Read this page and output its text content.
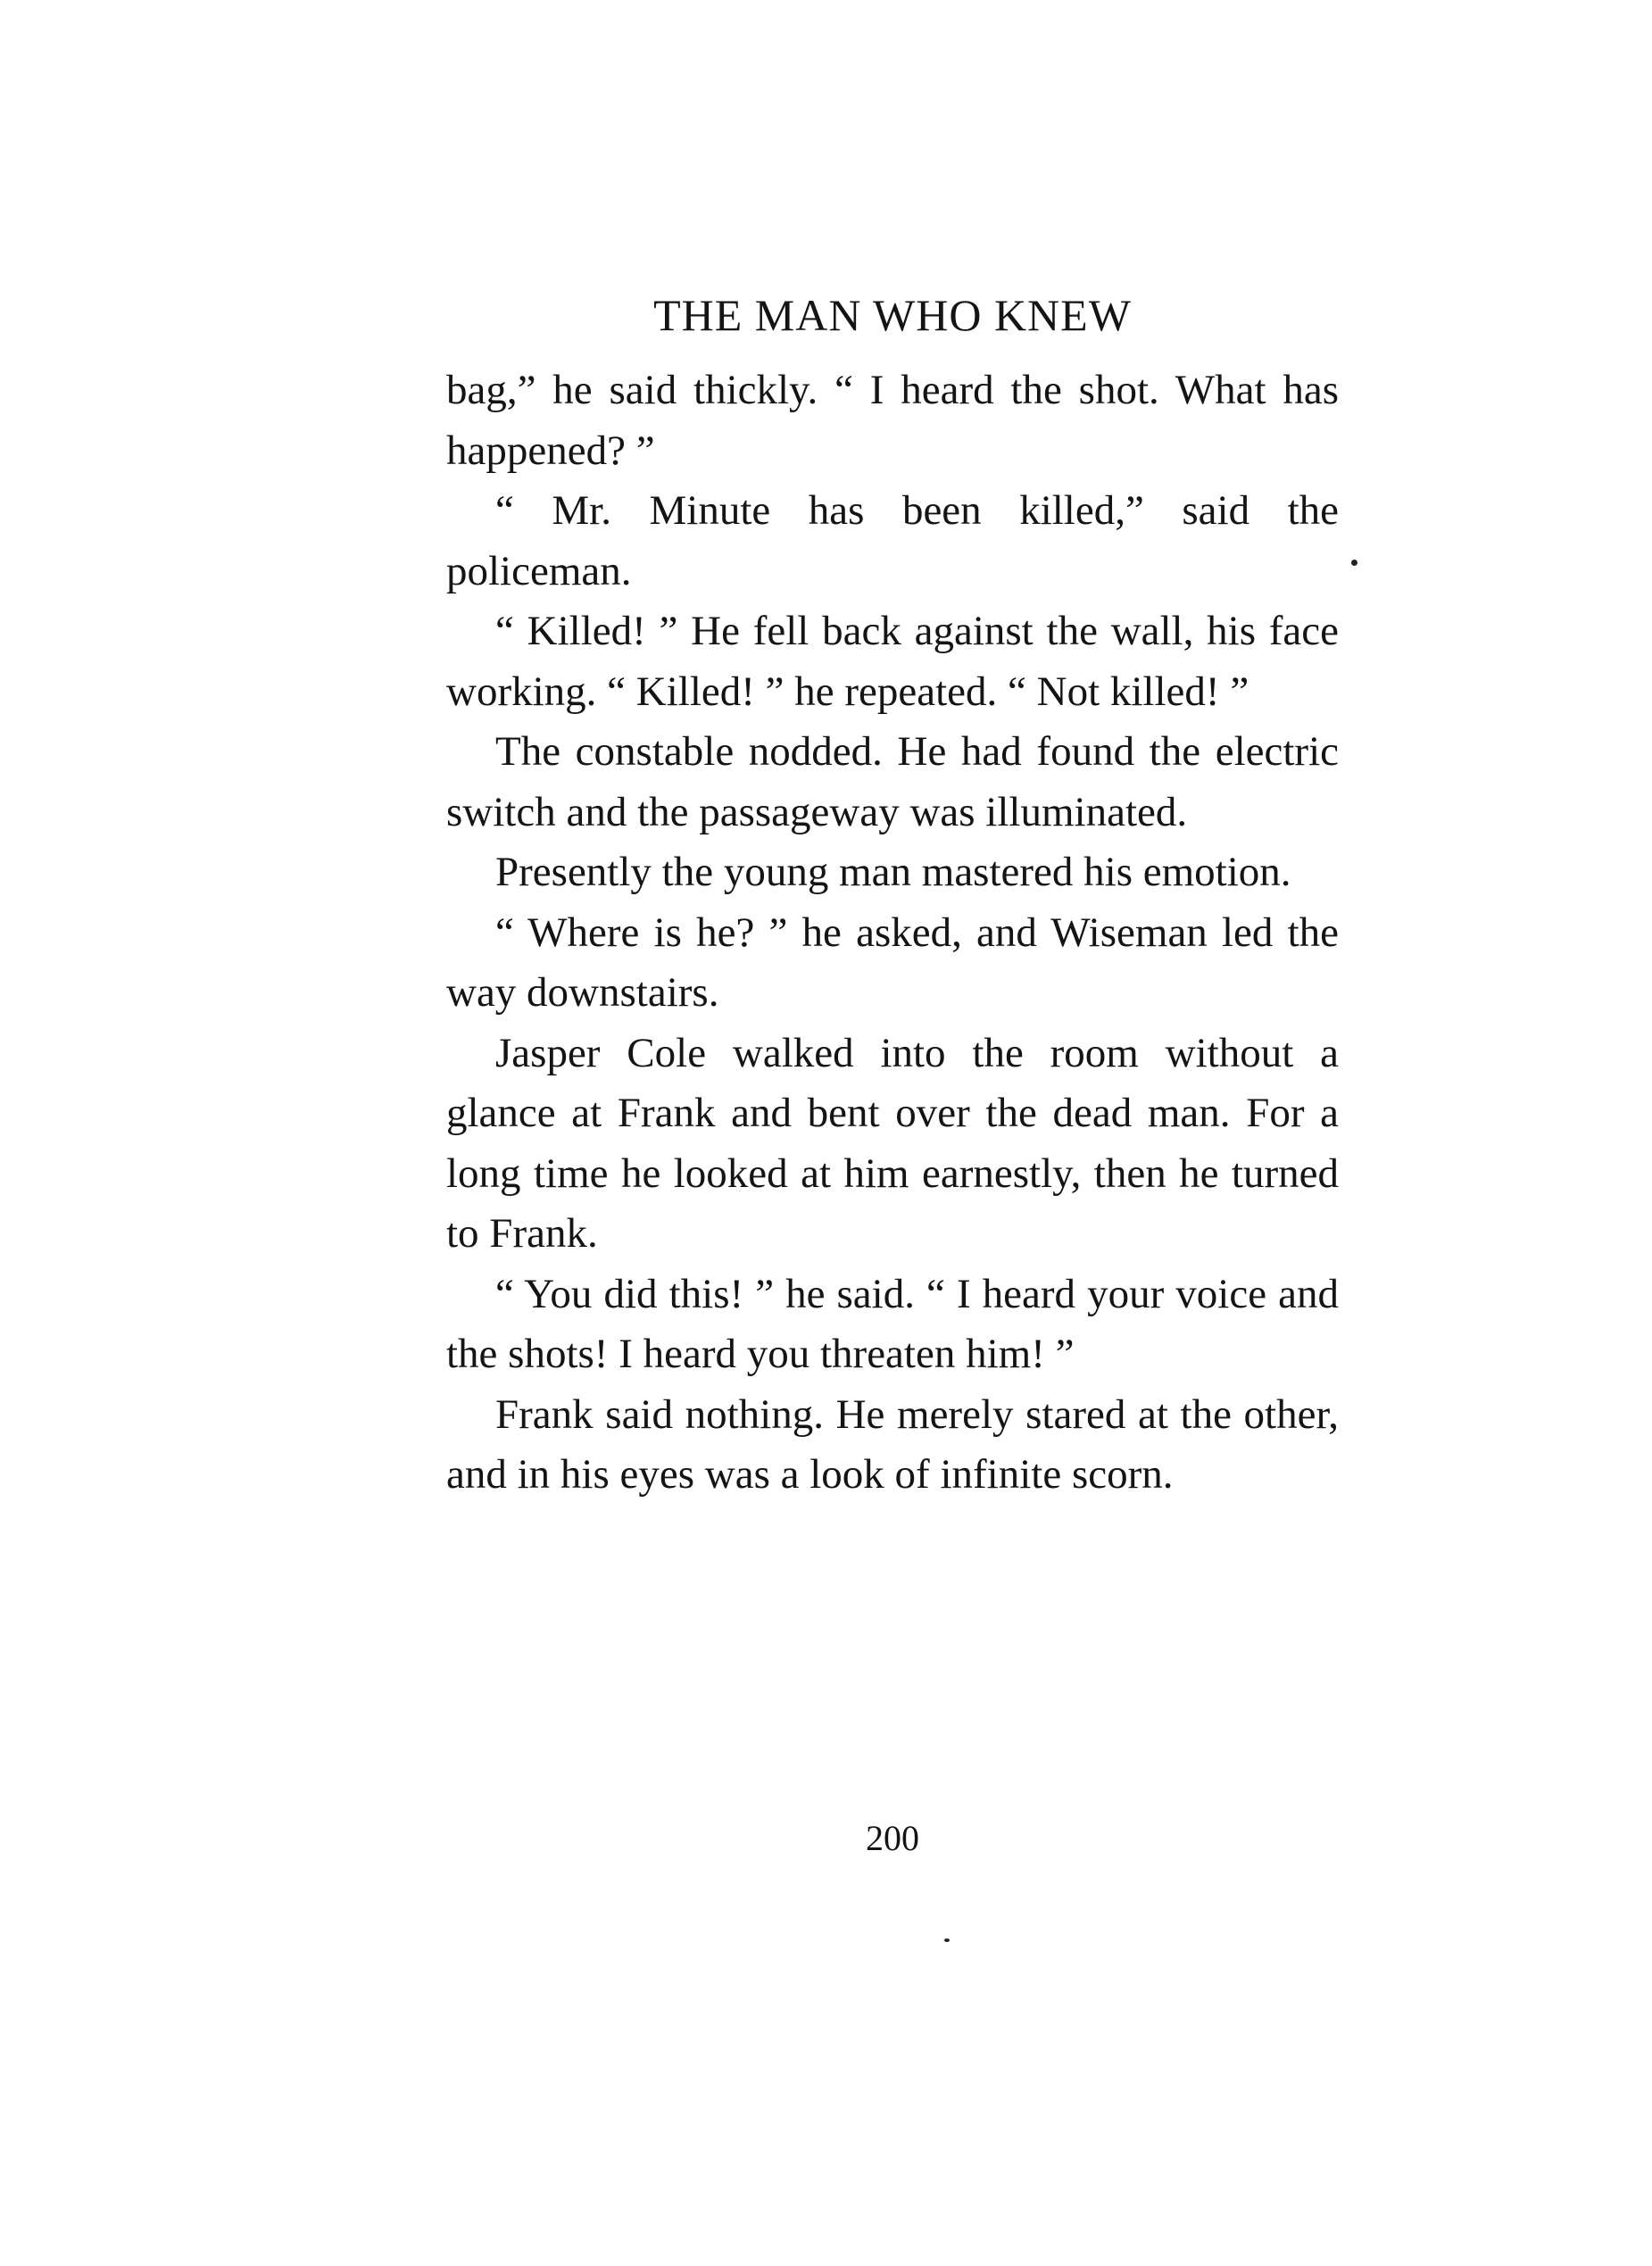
THE MAN WHO KNEW

bag,” he said thickly. “ I heard the shot. What has happened? ”

“ Mr. Minute has been killed,” said the policeman.

“ Killed! ” He fell back against the wall, his face working. “ Killed! ” he repeated. “ Not killed! ”

The constable nodded. He had found the electric switch and the passageway was illuminated.

Presently the young man mastered his emotion.

“ Where is he? ” he asked, and Wiseman led the way downstairs.

Jasper Cole walked into the room without a glance at Frank and bent over the dead man. For a long time he looked at him earnestly, then he turned to Frank.

“ You did this! ” he said. “ I heard your voice and the shots! I heard you threaten him! ”

Frank said nothing. He merely stared at the other, and in his eyes was a look of infinite scorn.

200
